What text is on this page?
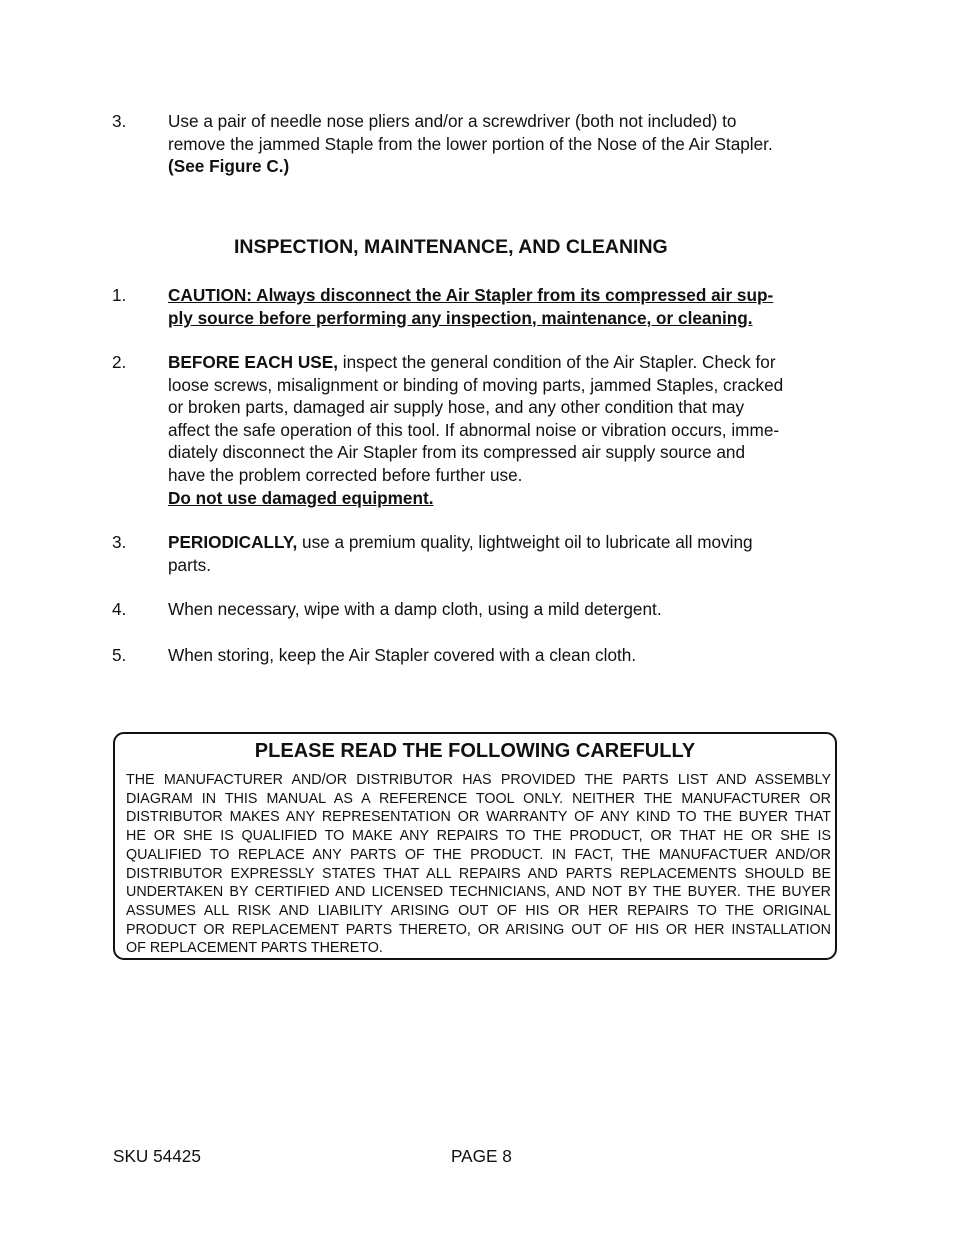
3.	Use a pair of needle nose pliers and/or a screwdriver (both not included) to
remove the jammed Staple from the lower portion of the Nose of the Air Stapler.
(See Figure C.)
INSPECTION, MAINTENANCE, AND CLEANING
1.	CAUTION: Always disconnect the Air Stapler from its compressed air sup-
ply source before performing any inspection, maintenance, or cleaning.
2.	BEFORE EACH USE, inspect the general condition of the Air Stapler. Check for
loose screws, misalignment or binding of moving parts, jammed Staples, cracked
or broken parts, damaged air supply hose, and any other condition that may
affect the safe operation of this tool. If abnormal noise or vibration occurs, imme-
diately disconnect the Air Stapler from its compressed air supply source and
have the problem corrected before further use.
Do not use damaged equipment.
3.	PERIODICALLY, use a premium quality, lightweight oil to lubricate all moving
parts.
4.	When necessary, wipe with a damp cloth, using a mild detergent.
5.	When storing, keep the Air Stapler covered with a clean cloth.
PLEASE READ THE FOLLOWING CAREFULLY
THE MANUFACTURER AND/OR DISTRIBUTOR HAS PROVIDED THE PARTS LIST AND ASSEMBLY
DIAGRAM IN THIS MANUAL AS A REFERENCE TOOL ONLY. NEITHER THE MANUFACTURER OR
DISTRIBUTOR MAKES ANY REPRESENTATION OR WARRANTY OF ANY KIND TO THE BUYER THAT
HE OR SHE IS QUALIFIED TO MAKE ANY REPAIRS TO THE PRODUCT, OR THAT HE OR SHE IS
QUALIFIED TO REPLACE ANY PARTS OF THE PRODUCT. IN FACT, THE MANUFACTUER AND/OR
DISTRIBUTOR EXPRESSLY STATES THAT ALL REPAIRS AND PARTS REPLACEMENTS SHOULD BE
UNDERTAKEN BY CERTIFIED AND LICENSED TECHNICIANS, AND NOT BY THE BUYER. THE BUYER
ASSUMES ALL RISK AND LIABILITY ARISING OUT OF HIS OR HER REPAIRS TO THE ORIGINAL
PRODUCT OR REPLACEMENT PARTS THERETO, OR ARISING OUT OF HIS OR HER INSTALLATION
OF REPLACEMENT PARTS THERETO.
SKU 54425	PAGE 8
